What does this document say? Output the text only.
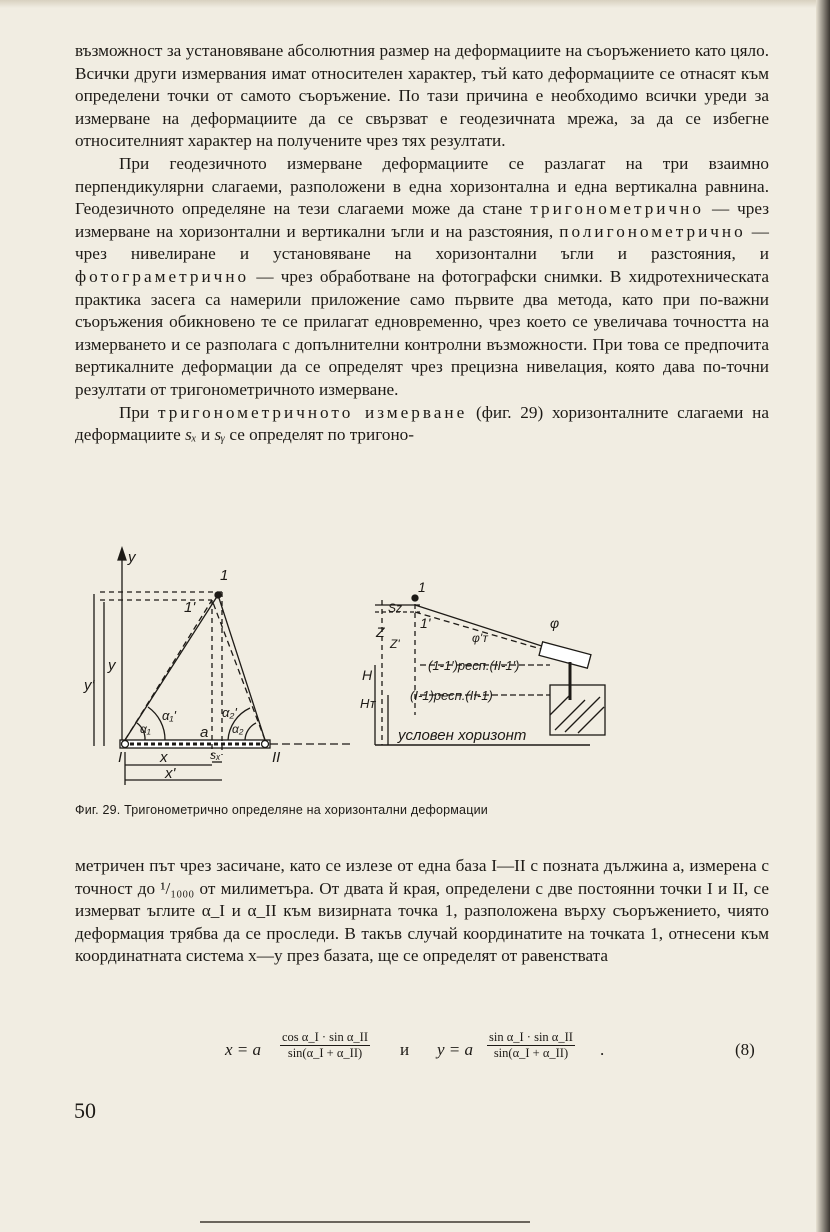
възможност за установяване абсолютния размер на деформациите на съоръжението като цяло. Всички други измервания имат относителен характер, тъй като деформациите се отнасят към определени точки от самото съоръжение. По тази причина е необходимо всички уреди за измерване на деформациите да се свързват е геодезичната мрежа, за да се избегне относителният характер на получените чрез тях резултати.

При геодезичното измерване деформациите се разлагат на три взаимно перпендикулярни слагаеми, разположени в една хоризонтална и една вертикална равнина. Геодезичното определяне на тези слагаеми може да стане тригонометрично — чрез измерване на хоризонтални и вертикални ъгли и на разстояния, полигонометрично — чрез нивелиране и установяване на хоризонтални ъгли и разстояния, и фотограметрично — чрез обработване на фотографски снимки. В хидротехническата практика засега са намерили приложение само първите два метода, като при по-важни съоръжения обикновено те се прилагат едновременно, чрез което се увеличава точността на измерването и се разполага с допълнителни контролни възможности. При това се предпочита вертикалните деформации да се определят чрез прецизна нивелация, която дава по-точни резултати от тригонометричното измерване.

При тригонометричното измерване (фиг. 29) хоризонталните слагаеми на деформациите sₓ и sᵧ се определят по тригоно-

y
y
y'
1
1'
α₁
α₁'
α₂
α₂'
a
I	II
x	sₓ
x'
1
1'
Sz
Z
Z'
φ
φ'ᴛ
H
Hᴛ
(1-1')респ.(II-1')
(I-1)респ.(II-1)
условен хоризонт
Фиг. 29. Тригонометрично определяне на хоризонтални деформации

метричен път чрез засичане, като се излезе от една база I—II с позната дължина a, измерена с точност до ¹/₁₀₀₀ от милиметъра. От двата й края, определени с две постоянни точки I и II, се измерват ъглите α_I и α_II към визирната точка 1, разположена върху съоръжението, чиято деформация трябва да се проследи. В такъв случай координатите на точката 1, отнесени към координатната система x—y през базата, ще се определят от равенствата

x = a $\frac{\text{cos α\_I · sin α\_II}}{\sin(\alpha\_I + \alpha\_II)}$ и y = a $\frac{\text{sin α\_I · sin α\_II}}{\sin(\alpha\_I + \alpha\_II)}$ .	(8)
50
